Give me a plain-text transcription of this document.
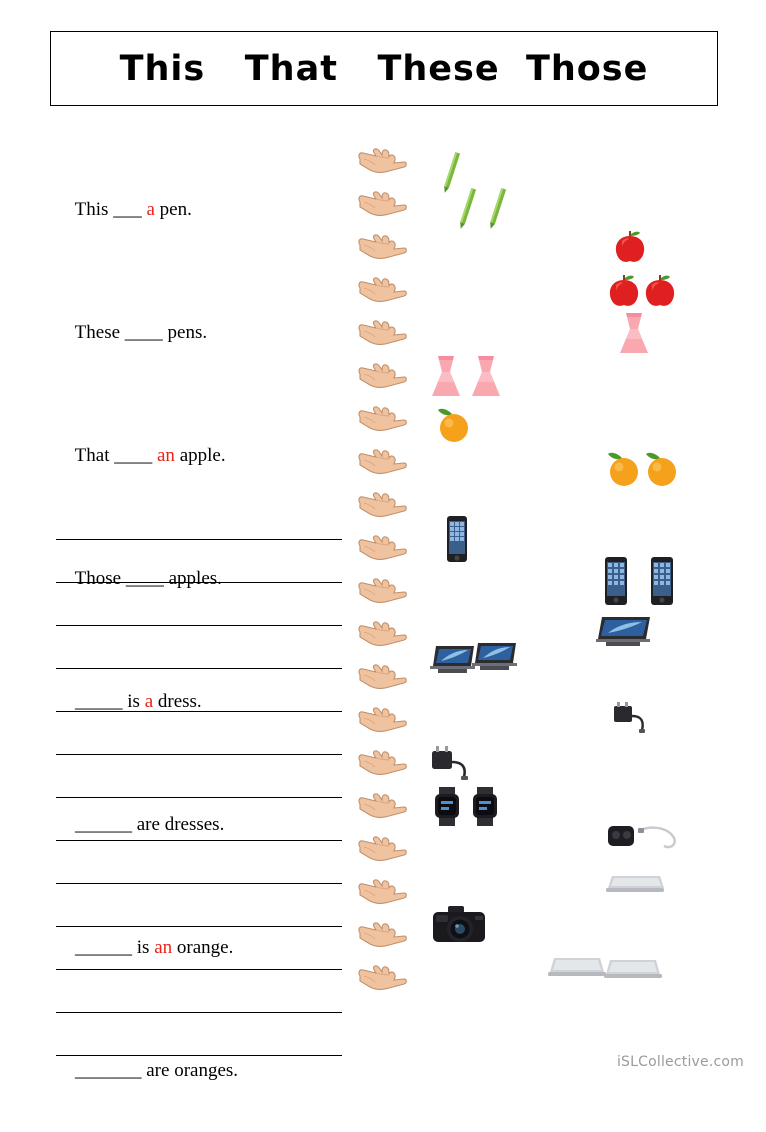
This   That   These  Those

This ___ a pen.

These ____ pens.

That ____ an apple.

Those ____ apples.

_____ is a dress.

______ are dresses.

______ is an orange.

_______ are oranges.
	iSLCollective.com
